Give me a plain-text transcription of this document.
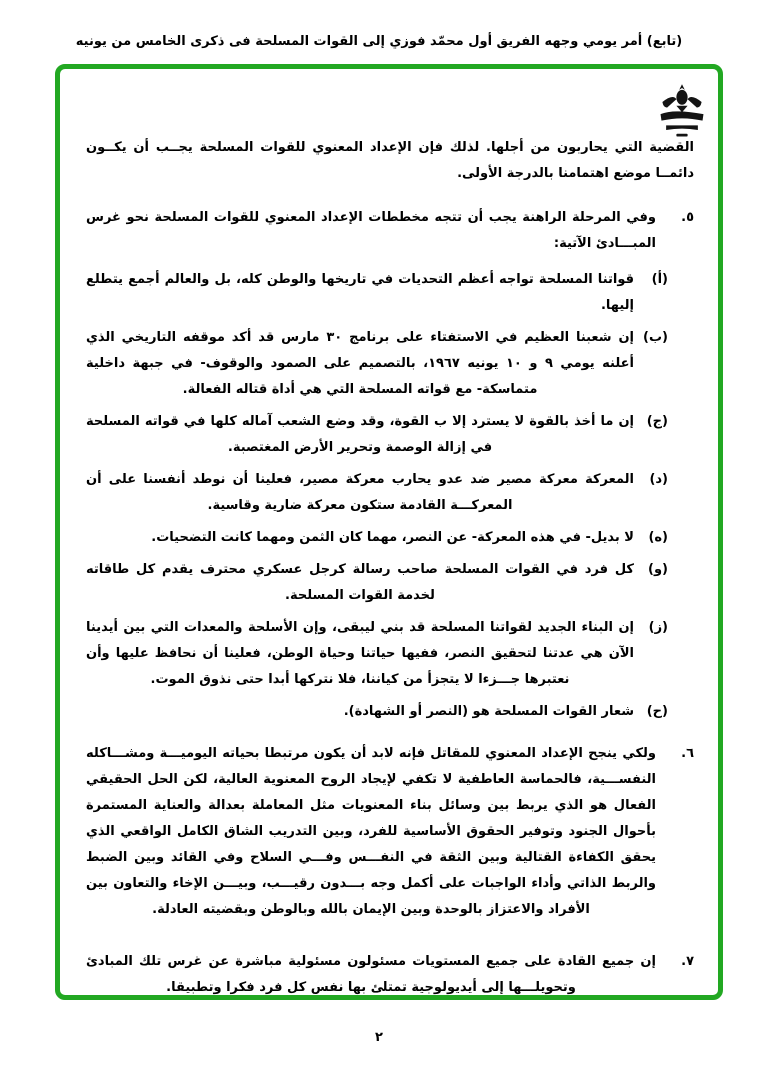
(تابع) أمر يومي وجهه الفريق أول محمّد فوزي إلى القوات المسلحة فى ذكرى الخامس من يونيه

القضية التي يحاربون من أجلها. لذلك فإن الإعداد المعنوي للقوات المسلحة يجــب أن يكــون دائمــا موضع اهتمامنا بالدرجة الأولى.

٥.
وفي المرحلة الراهنة يجب أن تتجه مخططات الإعداد المعنوي للقوات المسلحة نحو غرس المبـــادئ الآتية:
(أ)
قواتنا المسلحة تواجه أعظم التحديات في تاريخها والوطن كله، بل والعالم أجمع يتطلع إليها.
(ب)
إن شعبنا العظيم في الاستفتاء على برنامج ٣٠ مارس قد أكد موقفه التاريخي الذي أعلنه يومي ٩ و ١٠ يونيه ١٩٦٧، بالتصميم على الصمود والوقوف- في جبهة داخلية متماسكة- مع قواته المسلحة التي هي أداة قتاله الفعالة.
(ج)
إن ما أخذ بالقوة لا يسترد إلا ب القوة، وقد وضع الشعب آماله كلها في قواته المسلحة في إزالة الوصمة وتحرير الأرض المغتصبة.
(د)
المعركة معركة مصير ضد عدو يحارب معركة مصير، فعلينا أن نوطد أنفسنا على أن المعركـــة القادمة ستكون معركة ضارية وقاسية.
(ه)
لا بديل- في هذه المعركة- عن النصر، مهما كان الثمن ومهما كانت التضحيات.
(و)
كل فرد في القوات المسلحة صاحب رسالة كرجل عسكري محترف يقدم كل طاقاته لخدمة القوات المسلحة.
(ز)
إن البناء الجديد لقواتنا المسلحة قد بني ليبقى، وإن الأسلحة والمعدات التي بين أيدينا الآن هي عدتنا لتحقيق النصر، ففيها حياتنا وحياة الوطن، فعلينا أن نحافظ عليها وأن نعتبرها جـــزءا لا يتجزأ من كياننا، فلا نتركها أبدا حتى نذوق الموت.
(ح)
شعار القوات المسلحة هو (النصر أو الشهادة).
٦.
ولكي ينجح الإعداد المعنوي للمقاتل فإنه لابد أن يكون مرتبطا بحياته اليوميـــة ومشـــاكله النفســـية، فالحماسة العاطفية لا تكفي لإيجاد الروح المعنوية العالية، لكن الحل الحقيقي الفعال هو الذي يربط بين وسائل بناء المعنويات مثل المعاملة بعدالة والعناية المستمرة بأحوال الجنود وتوفير الحقوق الأساسية للفرد، وبين التدريب الشاق الكامل الواقعي الذي يحقق الكفاءة القتالية وبين الثقة في النفـــس وفـــي السلاح وفي القائد وبين الضبط والربط الذاتي وأداء الواجبات على أكمل وجه بـــدون رقيـــب، وبيـــن الإخاء والتعاون بين الأفراد والاعتزاز بالوحدة وبين الإيمان بالله وبالوطن وبقضيته العادلة.
٧.
إن جميع القادة على جميع المستويات مسئولون مسئولية مباشرة عن غرس تلك المبادئ وتحويلـــها إلى أيديولوجية تمتلئ بها نفس كل فرد فكرا وتطبيقا.
٢
